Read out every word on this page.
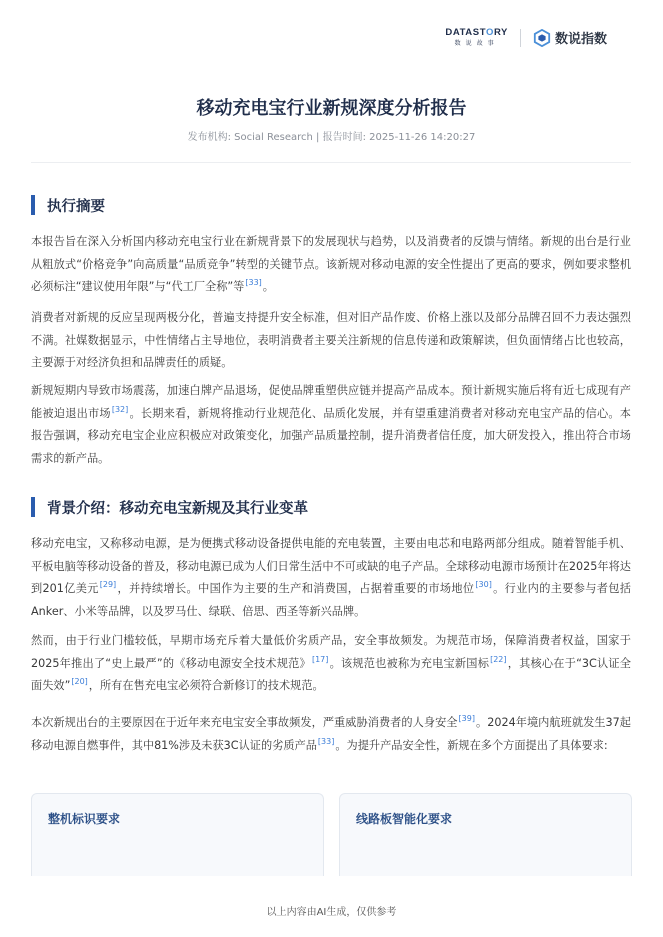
DATASTORY
数说故事	数说指数
移动充电宝行业新规深度分析报告
发布机构: Social Research | 报告时间: 2025-11-26 14:20:27
执行摘要
本报告旨在深入分析国内移动充电宝行业在新规背景下的发展现状与趋势，以及消费者的反馈与情绪。新规的出台是行业从粗放式“价格竞争”向高质量“品质竞争”转型的关键节点。该新规对移动电源的安全性提出了更高的要求，例如要求整机必须标注“建议使用年限”与“代工厂全称”等[33]。
消费者对新规的反应呈现两极分化，普遍支持提升安全标准，但对旧产品作废、价格上涨以及部分品牌召回不力表达强烈不满。社媒数据显示，中性情绪占主导地位，表明消费者主要关注新规的信息传递和政策解读，但负面情绪占比也较高，主要源于对经济负担和品牌责任的质疑。
新规短期内导致市场震荡，加速白牌产品退场，促使品牌重塑供应链并提高产品成本。预计新规实施后将有近七成现有产能被迫退出市场[32]。长期来看，新规将推动行业规范化、品质化发展，并有望重建消费者对移动充电宝产品的信心。本报告强调，移动充电宝企业应积极应对政策变化，加强产品质量控制，提升消费者信任度，加大研发投入，推出符合市场需求的新产品。
背景介绍：移动充电宝新规及其行业变革
移动充电宝，又称移动电源，是为便携式移动设备提供电能的充电装置，主要由电芯和电路两部分组成。随着智能手机、平板电脑等移动设备的普及，移动电源已成为人们日常生活中不可或缺的电子产品。全球移动电源市场预计在2025年将达到201亿美元[29]，并持续增长。中国作为主要的生产和消费国，占据着重要的市场地位[30]。行业内的主要参与者包括Anker、小米等品牌，以及罗马仕、绿联、倍思、西圣等新兴品牌。
然而，由于行业门槛较低，早期市场充斥着大量低价劣质产品，安全事故频发。为规范市场，保障消费者权益，国家于2025年推出了“史上最严”的《移动电源安全技术规范》[17]。该规范也被称为充电宝新国标[22]，其核心在于“3C认证全面失效”[20]，所有在售充电宝必须符合新修订的技术规范。
本次新规出台的主要原因在于近年来充电宝安全事故频发，严重威胁消费者的人身安全[39]。2024年境内航班就发生37起移动电源自燃事件，其中81%涉及未获3C认证的劣质产品[33]。为提升产品安全性，新规在多个方面提出了具体要求:
整机标识要求	线路板智能化要求
以上内容由AI生成，仅供参考
